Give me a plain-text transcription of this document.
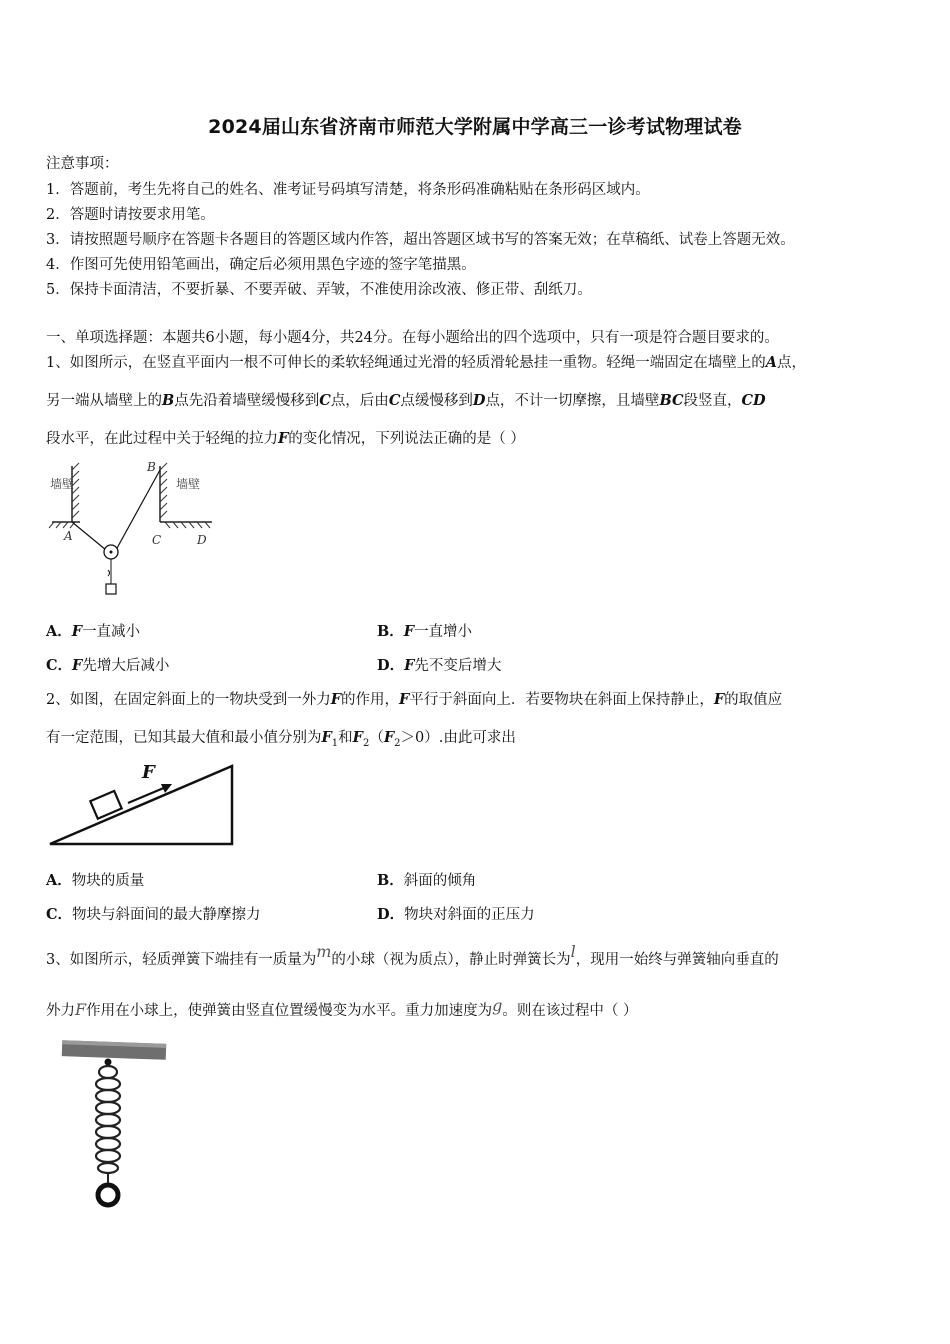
2024届山东省济南市师范大学附属中学高三一诊考试物理试卷
注意事项：
1．答题前，考生先将自己的姓名、准考证号码填写清楚，将条形码准确粘贴在条形码区域内。
2．答题时请按要求用笔。
3．请按照题号顺序在答题卡各题目的答题区域内作答，超出答题区域书写的答案无效；在草稿纸、试卷上答题无效。
4．作图可先使用铅笔画出，确定后必须用黑色字迹的签字笔描黑。
5．保持卡面清洁，不要折暴、不要弄破、弄皱，不准使用涂改液、修正带、刮纸刀。
一、单项选择题：本题共6小题，每小题4分，共24分。在每小题给出的四个选项中，只有一项是符合题目要求的。
1、如图所示，在竖直平面内一根不可伸长的柔软轻绳通过光滑的轻质滑轮悬挂一重物。轻绳一端固定在墙壁上的A点，
另一端从墙壁上的B点先沿着墙壁缓慢移到C点，后由C点缓慢移到D点，不计一切摩擦，且墙壁BC段竖直，CD
段水平，在此过程中关于轻绳的拉力F的变化情况，下列说法正确的是（ ）
墙壁	墙壁
A
B
C	D
A．F一直减小	B．F一直增小
C．F先增大后减小	D．F先不变后增大
2、如图，在固定斜面上的一物块受到一外力F的作用，F平行于斜面向上．若要物块在斜面上保持静止，F的取值应
有一定范围，已知其最大值和最小值分别为$F_1$和$F_2(F_2>0)$.由此可求出
F
A．物块的质量	B．斜面的倾角
C．物块与斜面间的最大静摩擦力	D．物块对斜面的正压力
3、如图所示，轻质弹簧下端挂有一质量为m的小球（视为质点），静止时弹簧长为l，现用一始终与弹簧轴向垂直的
外力F作用在小球上，使弹簧由竖直位置缓慢变为水平。重力加速度为g。则在该过程中（ ）
